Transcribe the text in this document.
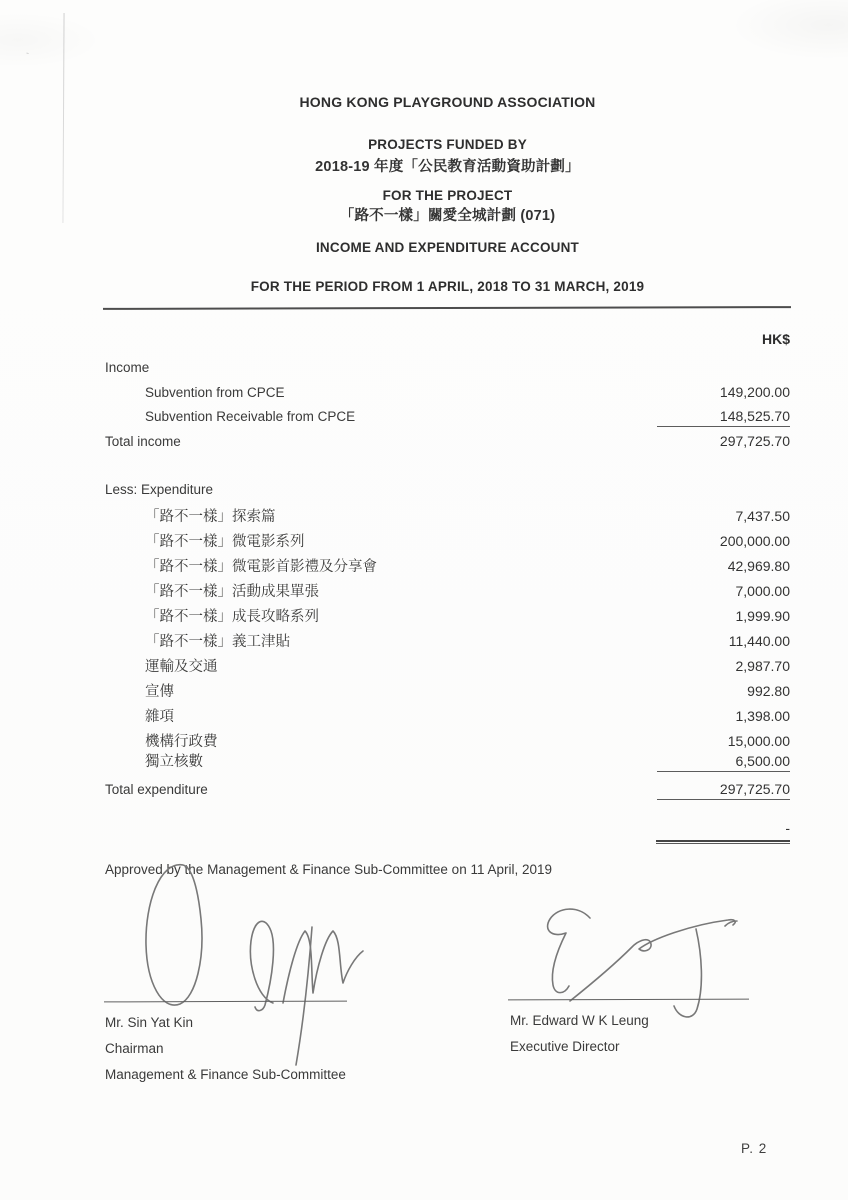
`
HONG KONG PLAYGROUND ASSOCIATION
PROJECTS FUNDED BY
2018-19 年度「公民教育活動資助計劃」
FOR THE PROJECT
「路不一樣」關愛全城計劃 (071)
INCOME AND EXPENDITURE ACCOUNT
FOR THE PERIOD FROM 1 APRIL, 2018 TO 31 MARCH, 2019
HK$
Income
Subvention from CPCE	149,200.00
Subvention Receivable from CPCE	148,525.70
Total income	297,725.70
Less: Expenditure
「路不一樣」探索篇	7,437.50
「路不一樣」微電影系列	200,000.00
「路不一樣」微電影首影禮及分享會	42,969.80
「路不一樣」活動成果單張	7,000.00
「路不一樣」成長攻略系列	1,999.90
「路不一樣」義工津貼	11,440.00
運輸及交通	2,987.70
宣傳	992.80
雜項	1,398.00
機構行政費	15,000.00
獨立核數	6,500.00
Total expenditure	297,725.70
-
Approved by the Management & Finance Sub-Committee on 11 April, 2019
Mr. Sin Yat Kin
Chairman
Management & Finance Sub-Committee
Mr. Edward W K Leung
Executive Director
P. 2
